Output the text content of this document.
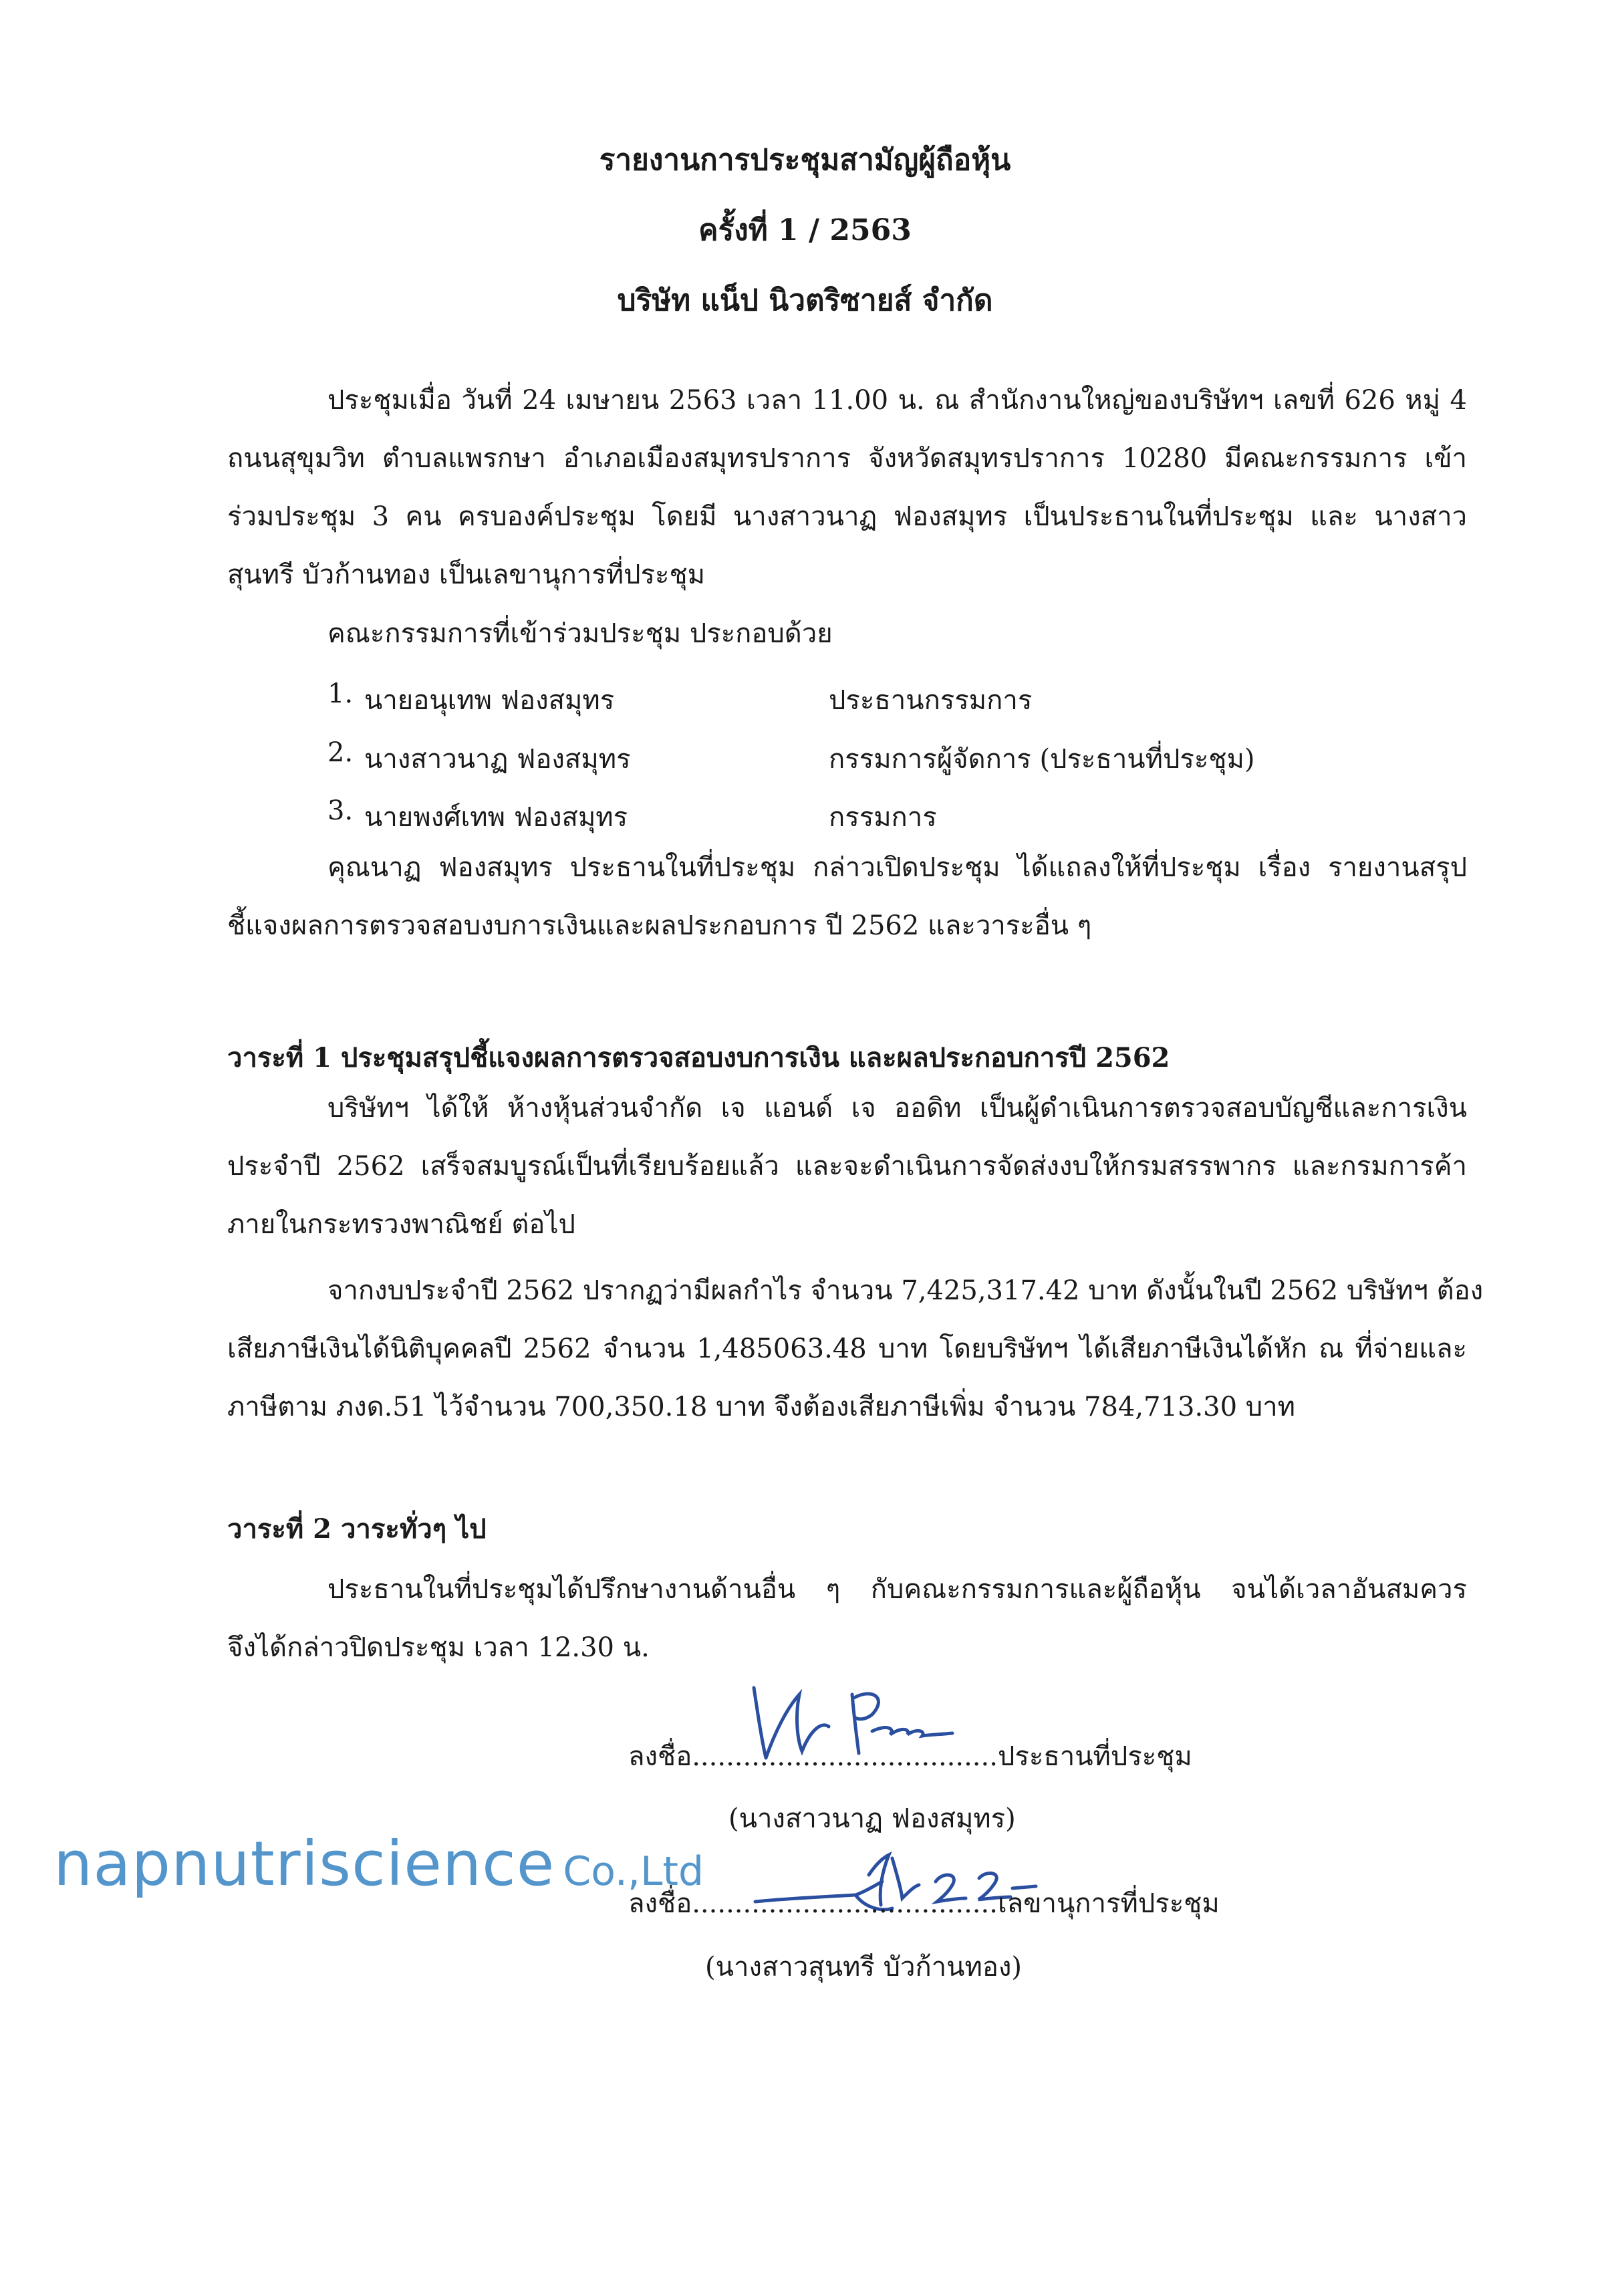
รายงานการประชุมสามัญผู้ถือหุ้น
ครั้งที่ 1 / 2563
บริษัท แน็ป นิวตริซายส์ จำกัด

ประชุมเมื่อ วันที่ 24 เมษายน 2563 เวลา 11.00 น. ณ สำนักงานใหญ่ของบริษัทฯ เลขที่ 626 หมู่ 4

ถนนสุขุมวิท ตำบลแพรกษา อำเภอเมืองสมุทรปราการ จังหวัดสมุทรปราการ 10280 มีคณะกรรมการ เข้า

ร่วมประชุม 3 คน ครบองค์ประชุม โดยมี นางสาวนาฏ ฟองสมุทร เป็นประธานในที่ประชุม และ นางสาว

สุนทรี บัวก้านทอง เป็นเลขานุการที่ประชุม

คณะกรรมการที่เข้าร่วมประชุม ประกอบด้วย

1. นายอนุเทพ ฟองสมุทร	ประธานกรรมการ
2. นางสาวนาฏ ฟองสมุทร	กรรมการผู้จัดการ (ประธานที่ประชุม)
3. นายพงศ์เทพ ฟองสมุทร	กรรมการ

คุณนาฏ ฟองสมุทร ประธานในที่ประชุม กล่าวเปิดประชุม ได้แถลงให้ที่ประชุม เรื่อง รายงานสรุป

ชี้แจงผลการตรวจสอบงบการเงินและผลประกอบการ ปี 2562 และวาระอื่น ๆ

วาระที่ 1 ประชุมสรุปชี้แจงผลการตรวจสอบงบการเงิน และผลประกอบการปี 2562

บริษัทฯ ได้ให้ ห้างหุ้นส่วนจำกัด เจ แอนด์ เจ ออดิท เป็นผู้ดำเนินการตรวจสอบบัญชีและการเงิน

ประจำปี 2562 เสร็จสมบูรณ์เป็นที่เรียบร้อยแล้ว และจะดำเนินการจัดส่งงบให้กรมสรรพากร และกรมการค้า

ภายในกระทรวงพาณิชย์ ต่อไป

จากงบประจำปี 2562 ปรากฏว่ามีผลกำไร จำนวน 7,425,317.42 บาท ดังนั้นในปี 2562 บริษัทฯ ต้อง

เสียภาษีเงินได้นิติบุคคลปี 2562 จำนวน 1,485063.48 บาท โดยบริษัทฯ ได้เสียภาษีเงินได้หัก ณ ที่จ่ายและ

ภาษีตาม ภงด.51 ไว้จำนวน 700,350.18 บาท จึงต้องเสียภาษีเพิ่ม จำนวน 784,713.30 บาท

วาระที่ 2 วาระทั่วๆ ไป

ประธานในที่ประชุมได้ปรึกษางานด้านอื่น ๆ กับคณะกรรมการและผู้ถือหุ้น จนได้เวลาอันสมควร

จึงได้กล่าวปิดประชุม เวลา 12.30 น.

ลงชื่อ....................................ประธานที่ประชุม
(นางสาวนาฏ ฟองสมุทร)
napnutriscience Co.,Ltd
ลงชื่อ....................................เลขานุการที่ประชุม
(นางสาวสุนทรี บัวก้านทอง)
